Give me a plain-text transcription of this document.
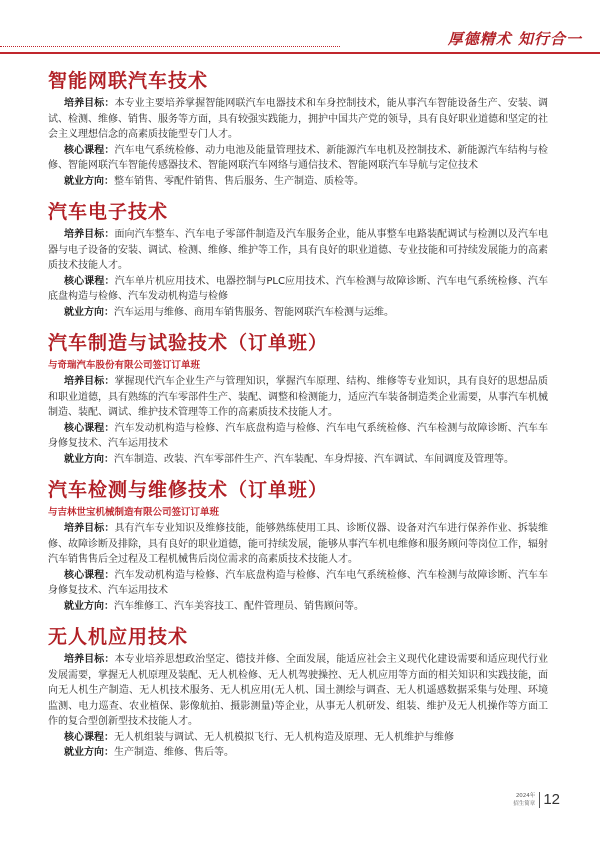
厚德精术 知行合一
智能网联汽车技术

培养目标：本专业主要培养掌握智能网联汽车电器技术和车身控制技术，能从事汽车智能设备生产、安装、调试、检测、维修、销售、服务等方面，具有较强实践能力，拥护中国共产党的领导，具有良好职业道德和坚定的社会主义理想信念的高素质技能型专门人才。

核心课程：汽车电气系统检修、动力电池及能量管理技术、新能源汽车电机及控制技术、新能源汽车结构与检修、智能网联汽车智能传感器技术、智能网联汽车网络与通信技术、智能网联汽车导航与定位技术

就业方向：整车销售、零配件销售、售后服务、生产制造、质检等。

汽车电子技术

培养目标：面向汽车整车、汽车电子零部件制造及汽车服务企业，能从事整车电路装配调试与检测以及汽车电器与电子设备的安装、调试、检测、维修、维护等工作，具有良好的职业道德、专业技能和可持续发展能力的高素质技术技能人才。

核心课程：汽车单片机应用技术、电器控制与PLC应用技术、汽车检测与故障诊断、汽车电气系统检修、汽车底盘构造与检修、汽车发动机构造与检修

就业方向：汽车运用与维修、商用车销售服务、智能网联汽车检测与运维。

汽车制造与试验技术（订单班）
与奇瑞汽车股份有限公司签订订单班

培养目标：掌握现代汽车企业生产与管理知识，掌握汽车原理、结构、维修等专业知识，具有良好的思想品质和职业道德，具有熟练的汽车零部件生产、装配、调整和检测能力，适应汽车装备制造类企业需要，从事汽车机械制造、装配、调试、维护技术管理等工作的高素质技术技能人才。

核心课程：汽车发动机构造与检修、汽车底盘构造与检修、汽车电气系统检修、汽车检测与故障诊断、汽车车身修复技术、汽车运用技术

就业方向：汽车制造、改装、汽车零部件生产、汽车装配、车身焊接、汽车调试、车间调度及管理等。

汽车检测与维修技术（订单班）
与吉林世宝机械制造有限公司签订订单班

培养目标：具有汽车专业知识及维修技能，能够熟练使用工具、诊断仪器、设备对汽车进行保养作业、拆装维修、故障诊断及排除，具有良好的职业道德，能可持续发展，能够从事汽车机电维修和服务顾问等岗位工作，辐射汽车销售售后全过程及工程机械售后岗位需求的高素质技术技能人才。

核心课程：汽车发动机构造与检修、汽车底盘构造与检修、汽车电气系统检修、汽车检测与故障诊断、汽车车身修复技术、汽车运用技术

就业方向：汽车维修工、汽车美容技工、配件管理员、销售顾问等。

无人机应用技术

培养目标：本专业培养思想政治坚定、德技并修、全面发展，能适应社会主义现代化建设需要和适应现代行业发展需要，掌握无人机原理及装配、无人机检修、无人机驾驶操控、无人机应用等方面的相关知识和实践技能，面向无人机生产制造、无人机技术服务、无人机应用(无人机、国土测绘与调查、无人机遥感数据采集与处理、环境监测、电力巡查、农业植保、影像航拍、摄影测量)等企业，从事无人机研发、组装、维护及无人机操作等方面工作的复合型创新型技术技能人才。

核心课程：无人机组装与调试、无人机模拟飞行、无人机构造及原理、无人机维护与维修

就业方向：生产制造、维修、售后等。

2024年
招生简章 12
